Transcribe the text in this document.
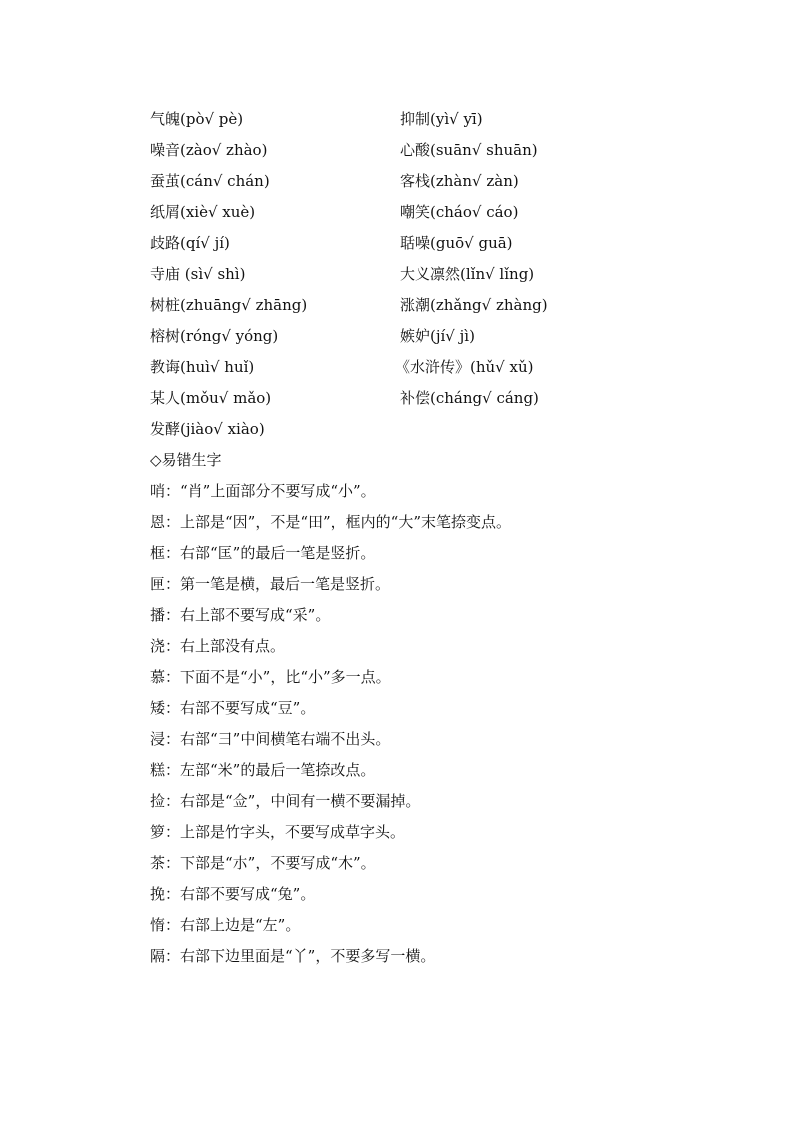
气魄(pò√ pè)	抑制(yì√ yī)
噪音(zào√ zhào)	心酸(suān√ shuān)
蚕茧(cán√ chán)	客栈(zhàn√ zàn)
纸屑(xiè√ xuè)	嘲笑(cháo√ cáo)
歧路(qí√ jí)	聒噪(guō√ guā)
寺庙 (sì√ shì)	大义凛然(lǐn√ lǐng)
树桩(zhuāng√ zhāng)	涨潮(zhǎng√ zhàng)
榕树(róng√ yóng)	嫉妒(jí√ jì)
教诲(huì√ huǐ)	《水浒传》(hǔ√ xǔ)
某人(mǒu√ mǎo)	补偿(cháng√ cáng)
发酵(jiào√ xiào)
◇易错生字
哨：“肖”上面部分不要写成“小”。
恩：上部是“因”，不是“田”，框内的“大”末笔捺变点。
框：右部“匡”的最后一笔是竖折。
匣：第一笔是横，最后一笔是竖折。
播：右上部不要写成“采”。
浇：右上部没有点。
慕：下面不是“小”，比“小”多一点。
矮：右部不要写成“豆”。
浸：右部“彐”中间横笔右端不出头。
糕：左部“米”的最后一笔捺改点。
捡：右部是“佥”，中间有一横不要漏掉。
箩：上部是竹字头，不要写成草字头。
茶：下部是“朩”，不要写成“木”。
挽：右部不要写成“兔”。
惰：右部上边是“左”。
隔：右部下边里面是“丫”，不要多写一横。
